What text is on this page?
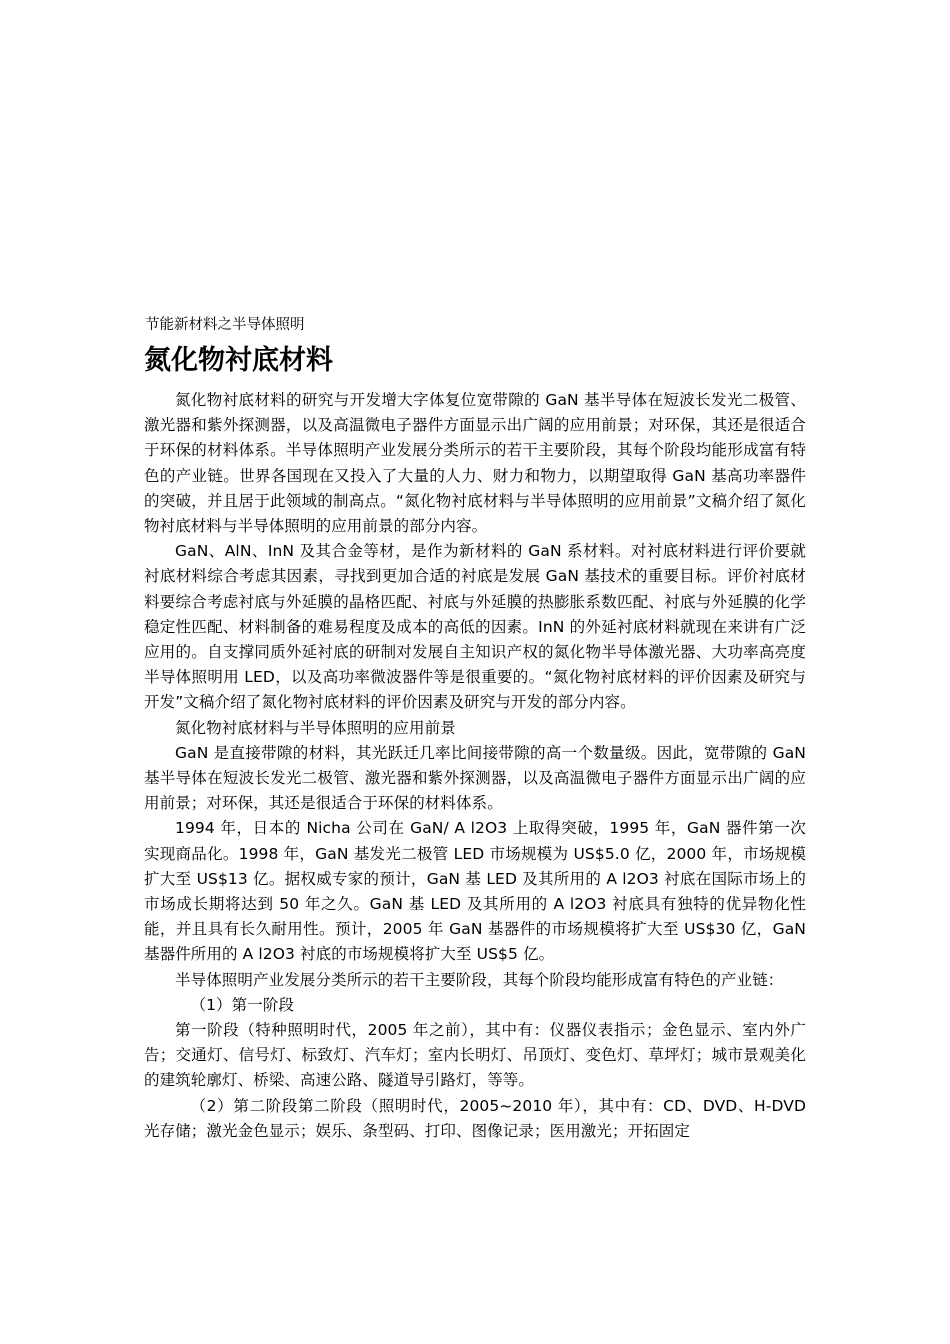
节能新材料之半导体照明
氮化物衬底材料

氮化物衬底材料的研究与开发增大字体复位宽带隙的 GaN 基半导体在短波长发光二极管、激光器和紫外探测器，以及高温微电子器件方面显示出广阔的应用前景；对环保，其还是很适合于环保的材料体系。半导体照明产业发展分类所示的若干主要阶段，其每个阶段均能形成富有特色的产业链。世界各国现在又投入了大量的人力、财力和物力，以期望取得 GaN 基高功率器件的突破，并且居于此领域的制高点。“氮化物衬底材料与半导体照明的应用前景”文稿介绍了氮化物衬底材料与半导体照明的应用前景的部分内容。

GaN、AlN、InN 及其合金等材，是作为新材料的 GaN 系材料。对衬底材料进行评价要就衬底材料综合考虑其因素，寻找到更加合适的衬底是发展 GaN 基技术的重要目标。评价衬底材料要综合考虑衬底与外延膜的晶格匹配、衬底与外延膜的热膨胀系数匹配、衬底与外延膜的化学稳定性匹配、材料制备的难易程度及成本的高低的因素。InN 的外延衬底材料就现在来讲有广泛应用的。自支撑同质外延衬底的研制对发展自主知识产权的氮化物半导体激光器、大功率高亮度半导体照明用 LED，以及高功率微波器件等是很重要的。“氮化物衬底材料的评价因素及研究与开发”文稿介绍了氮化物衬底材料的评价因素及研究与开发的部分内容。

氮化物衬底材料与半导体照明的应用前景

GaN 是直接带隙的材料，其光跃迁几率比间接带隙的高一个数量级。因此，宽带隙的 GaN 基半导体在短波长发光二极管、激光器和紫外探测器，以及高温微电子器件方面显示出广阔的应用前景；对环保，其还是很适合于环保的材料体系。

1994 年，日本的 Nicha 公司在 GaN/ A l2O3 上取得突破，1995 年，GaN 器件第一次实现商品化。1998 年，GaN 基发光二极管 LED 市场规模为 US$5.0 亿，2000 年，市场规模扩大至 US$13 亿。据权威专家的预计，GaN 基 LED 及其所用的 A l2O3 衬底在国际市场上的市场成长期将达到 50 年之久。GaN 基 LED 及其所用的 A l2O3 衬底具有独特的优异物化性能，并且具有长久耐用性。预计，2005 年 GaN 基器件的市场规模将扩大至 US$30 亿，GaN 基器件所用的 A l2O3 衬底的市场规模将扩大至 US$5 亿。

半导体照明产业发展分类所示的若干主要阶段，其每个阶段均能形成富有特色的产业链：

（1）第一阶段

第一阶段（特种照明时代，2005 年之前），其中有：仪器仪表指示；金色显示、室内外广告；交通灯、信号灯、标致灯、汽车灯；室内长明灯、吊顶灯、变色灯、草坪灯；城市景观美化的建筑轮廓灯、桥梁、高速公路、隧道导引路灯，等等。

（2）第二阶段第二阶段（照明时代，2005~2010 年），其中有：CD、DVD、H-DVD 光存储；激光金色显示；娱乐、条型码、打印、图像记录；医用激光；开拓固定
